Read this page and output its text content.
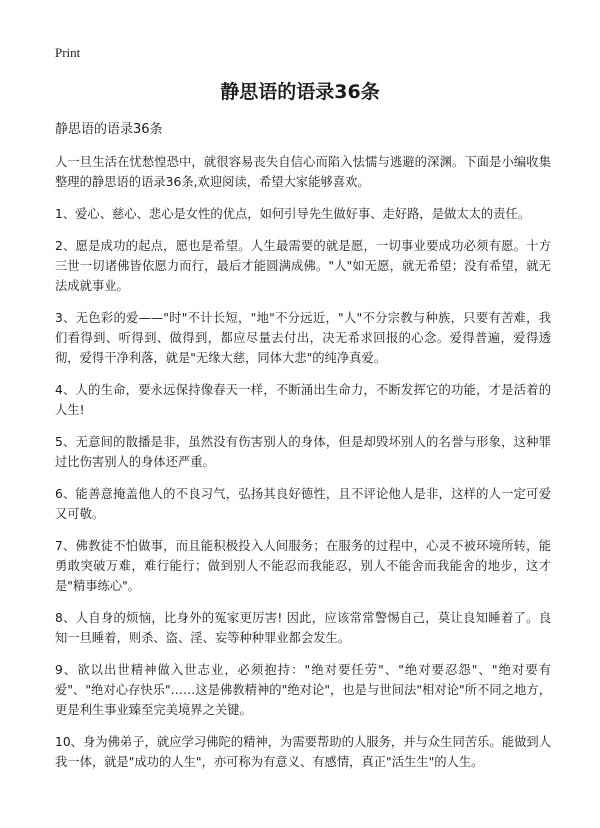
Print
静思语的语录36条

静思语的语录36条

人一旦生活在忧愁惶恐中，就很容易丧失自信心而陷入怯懦与逃避的深渊。下面是小编收集整理的静思语的语录36条,欢迎阅读，希望大家能够喜欢。

1、爱心、慈心、悲心是女性的优点，如何引导先生做好事、走好路，是做太太的责任。

2、愿是成功的起点，愿也是希望。人生最需要的就是愿，一切事业要成功必须有愿。十方三世一切诸佛皆依愿力而行，最后才能圆满成佛。"人"如无愿，就无希望；没有希望，就无法成就事业。

3、无色彩的爱——"时"不计长短，"地"不分远近，"人"不分宗教与种族，只要有苦难，我们看得到、听得到、做得到，都应尽量去付出，决无希求回报的心念。爱得普遍，爱得透彻，爱得干净利落，就是"无缘大慈，同体大悲"的纯净真爱。

4、人的生命，要永远保持像春天一样，不断涌出生命力，不断发挥它的功能，才是活着的人生!

5、无意间的散播是非，虽然没有伤害别人的身体，但是却毁坏别人的名誉与形象，这种罪过比伤害别人的身体还严重。

6、能善意掩盖他人的不良习气，弘扬其良好德性，且不评论他人是非，这样的人一定可爱又可敬。

7、佛教徒不怕做事，而且能积极投入人间服务；在服务的过程中，心灵不被环境所转，能勇敢突破万难，难行能行；做到别人不能忍而我能忍，别人不能舍而我能舍的地步，这才是"精事练心"。

8、人自身的烦恼，比身外的冤家更厉害! 因此，应该常常警惕自己，莫让良知睡着了。良知一旦睡着，则杀、盗、淫、妄等种种罪业都会发生。

9、欲以出世精神做入世志业，必须抱持："绝对要任劳"、"绝对要忍怨"、"绝对要有爱"、"绝对心存快乐"……这是佛教精神的"绝对论"，也是与世间法"相对论"所不同之地方，更是利生事业臻至完美境界之关键。

10、身为佛弟子，就应学习佛陀的精神，为需要帮助的人服务，并与众生同苦乐。能做到人我一体，就是"成功的人生"，亦可称为有意义、有感情，真正"活生生"的人生。
